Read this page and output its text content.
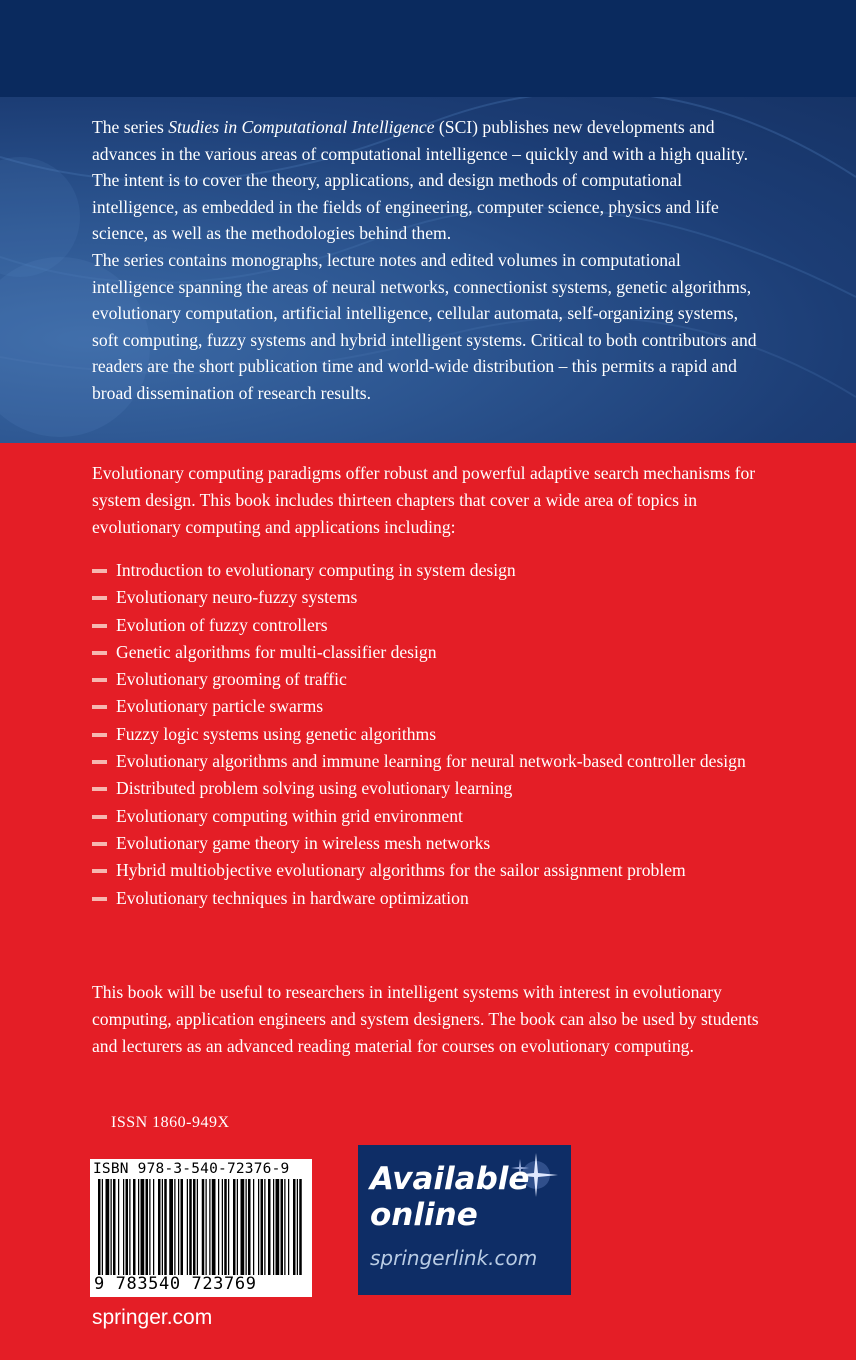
The series Studies in Computational Intelligence (SCI) publishes new developments and advances in the various areas of computational intelligence – quickly and with a high quality. The intent is to cover the theory, applications, and design methods of computational intelligence, as embedded in the fields of engineering, computer science, physics and life science, as well as the methodologies behind them.

The series contains monographs, lecture notes and edited volumes in computational intelligence spanning the areas of neural networks, connectionist systems, genetic algorithms, evolutionary computation, artificial intelligence, cellular automata, self-organizing systems, soft computing, fuzzy systems and hybrid intelligent systems. Critical to both contributors and readers are the short publication time and world-wide distribution – this permits a rapid and broad dissemination of research results.

Evolutionary computing paradigms offer robust and powerful adaptive search mechanisms for system design. This book includes thirteen chapters that cover a wide area of topics in evolutionary computing and applications including:

Introduction to evolutionary computing in system design
Evolutionary neuro-fuzzy systems
Evolution of fuzzy controllers
Genetic algorithms for multi-classifier design
Evolutionary grooming of traffic
Evolutionary particle swarms
Fuzzy logic systems using genetic algorithms
Evolutionary algorithms and immune learning for neural network-based controller design
Distributed problem solving using evolutionary learning
Evolutionary computing within grid environment
Evolutionary game theory in wireless mesh networks
Hybrid multiobjective evolutionary algorithms for the sailor assignment problem
Evolutionary techniques in hardware optimization

This book will be useful to researchers in intelligent systems with interest in evolutionary computing, application engineers and system designers. The book can also be used by students and lecturers as an advanced reading material for courses on evolutionary computing.

ISSN 1860-949X
ISBN 978-3-540-72376-9
9 783540 723769
Available
online
springerlink.com
springer.com
